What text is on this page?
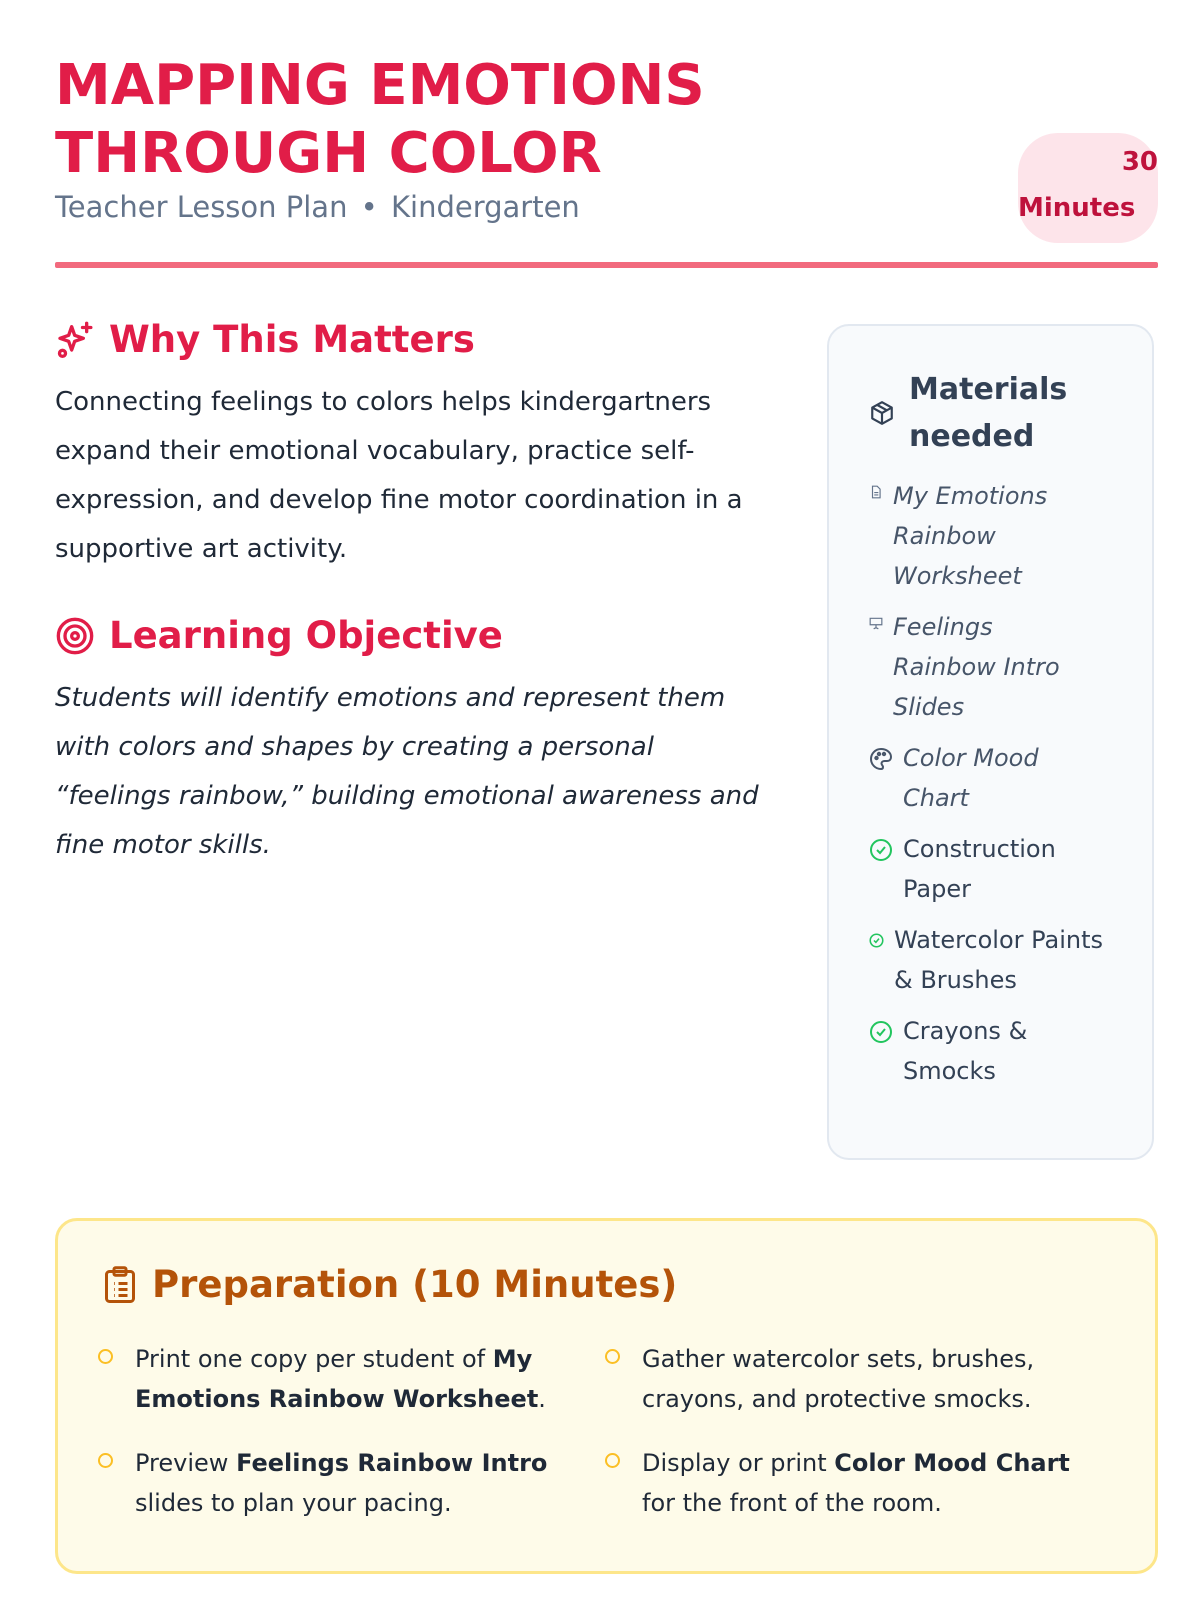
MAPPING EMOTIONS THROUGH COLOR
Teacher Lesson Plan • Kindergarten
30
Minutes
Why This Matters
Connecting feelings to colors helps kindergartners expand their emotional vocabulary, practice self-expression, and develop fine motor coordination in a supportive art activity.
Learning Objective
Students will identify emotions and represent them with colors and shapes by creating a personal “feelings rainbow,” building emotional awareness and fine motor skills.
Materials needed
My Emotions Rainbow Worksheet
Feelings Rainbow Intro Slides
Color Mood Chart
Construction Paper
Watercolor Paints & Brushes
Crayons & Smocks
Preparation (10 Minutes)
Print one copy per student of My Emotions Rainbow Worksheet.
Gather watercolor sets, brushes, crayons, and protective smocks.
Preview Feelings Rainbow Intro slides to plan your pacing.
Display or print Color Mood Chart for the front of the room.
